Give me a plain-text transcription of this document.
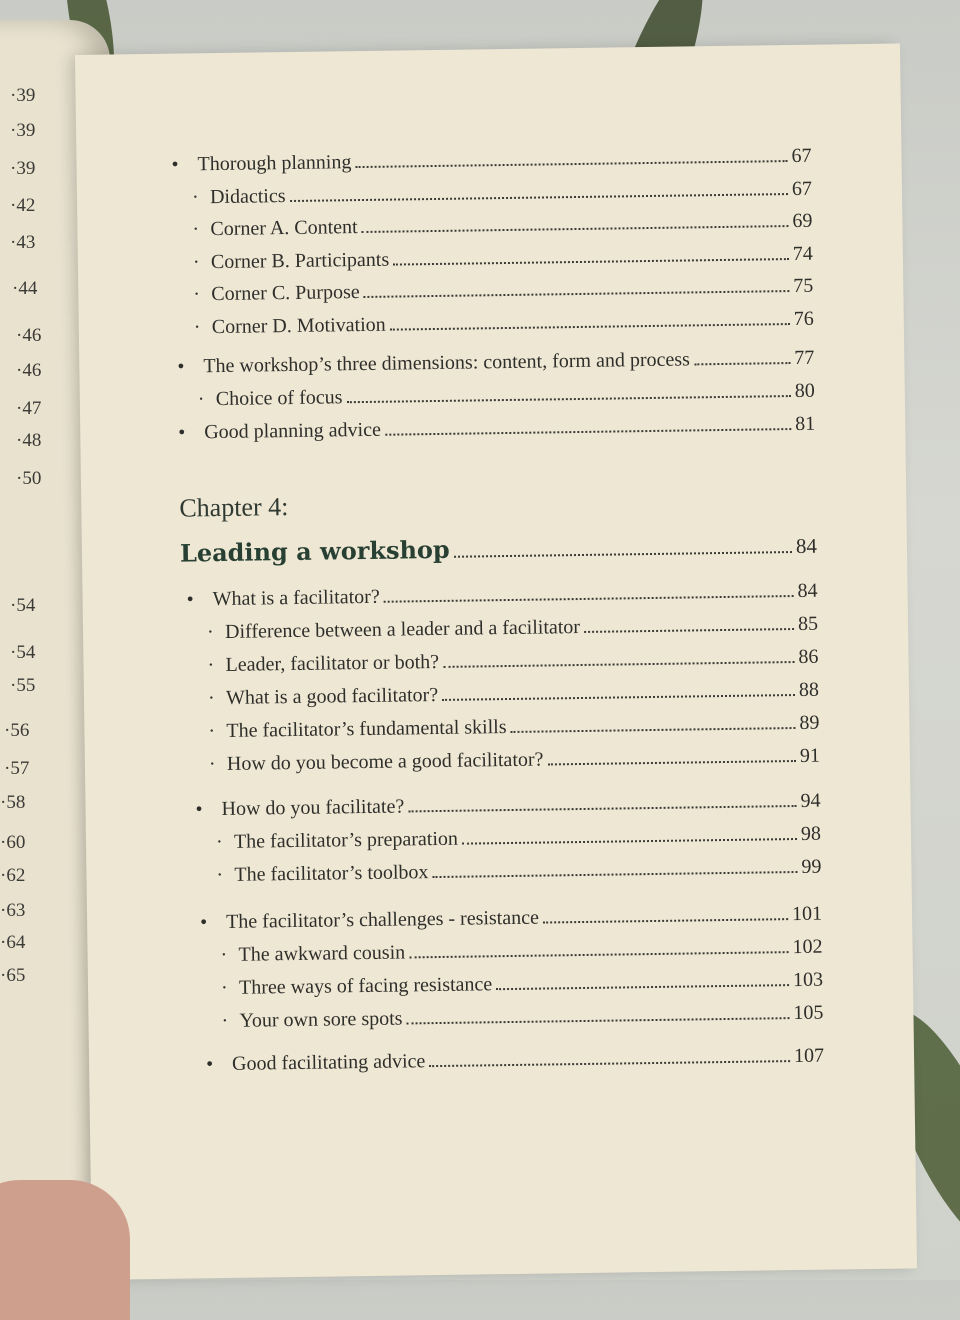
·39
·39
·39
·42
·43
·44
·46
·46
·47
·48
·50
·54
·54
·55
·56
·57
·58
·60
·62
·63
·64
·65
• Thorough planning	67
· Didactics	67
· Corner A. Content	69
· Corner B. Participants	74
· Corner C. Purpose	75
· Corner D. Motivation	76
• The workshop’s three dimensions: content, form and process	77
· Choice of focus	80
• Good planning advice	81
• What is a facilitator?	84
· Difference between a leader and a facilitator	85
· Leader, facilitator or both?	86
· What is a good facilitator?	88
· The facilitator’s fundamental skills	89
· How do you become a good facilitator?	91
• How do you facilitate?	94
· The facilitator’s preparation	98
· The facilitator’s toolbox	99
• The facilitator’s challenges - resistance	101
· The awkward cousin	102
· Three ways of facing resistance	103
· Your own sore spots	105
• Good facilitating advice	107
Leading a workshop	84
Chapter 4:
